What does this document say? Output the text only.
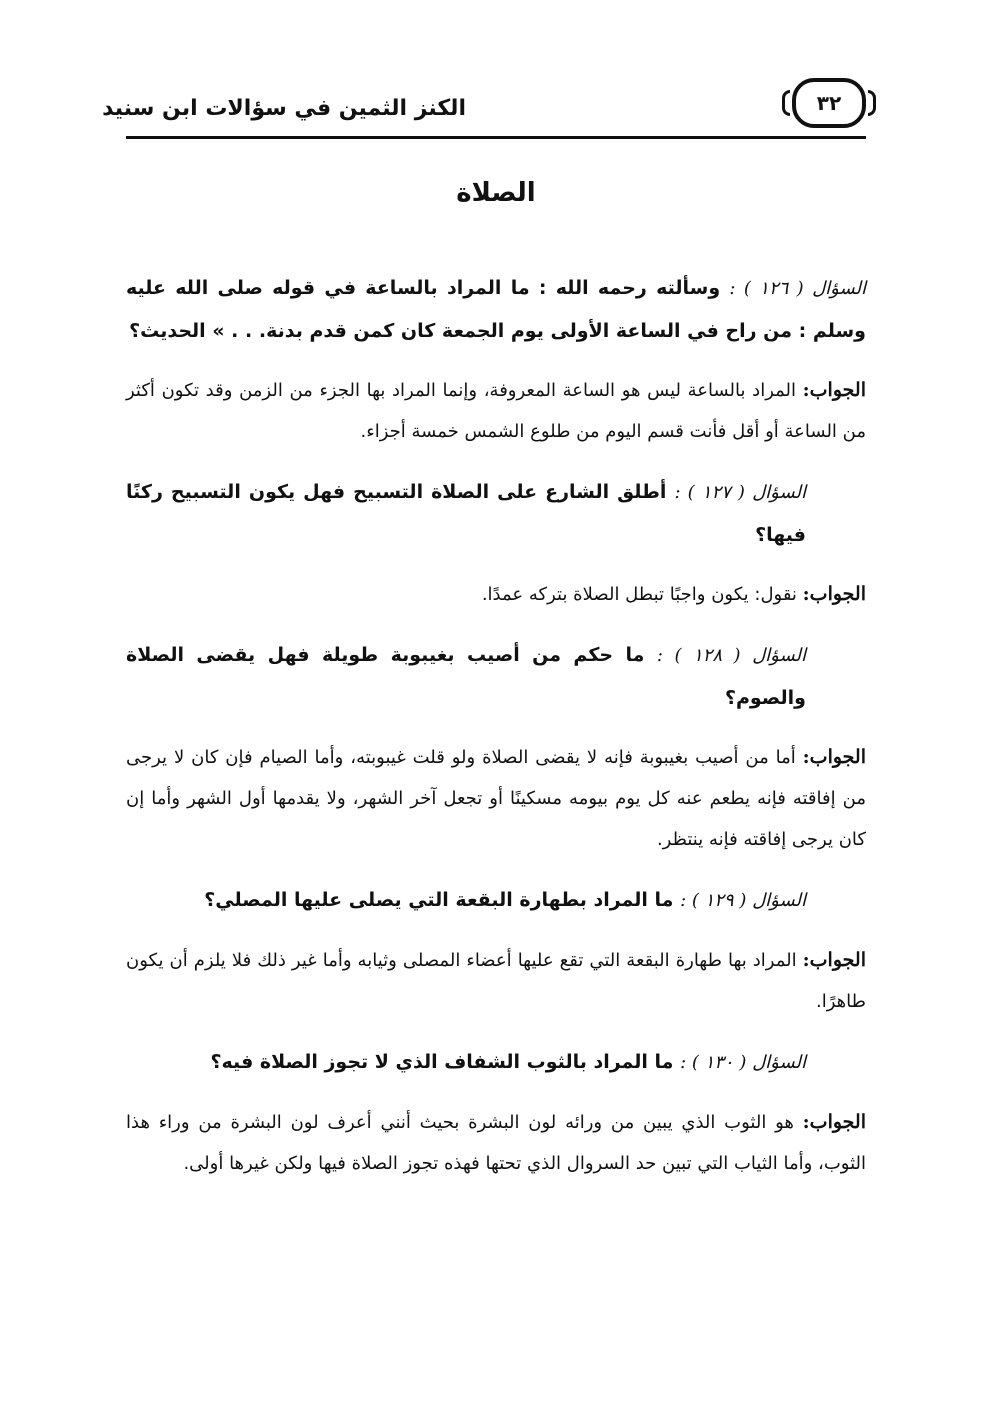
٣٢
الكنز الثمين في سؤالات ابن سنيد
الصلاة

السؤال ( ١٢٦ ) : وسألته رحمه الله : ما المراد بالساعة في قوله صلى الله عليه وسلم : من راح في الساعة الأولى يوم الجمعة كان كمن قدم بدنة. . . » الحديث؟

الجواب: المراد بالساعة ليس هو الساعة المعروفة، وإنما المراد بها الجزء من الزمن وقد تكون أكثر من الساعة أو أقل فأنت قسم اليوم من طلوع الشمس خمسة أجزاء.

السؤال ( ١٢٧ ) : أطلق الشارع على الصلاة التسبيح فهل يكون التسبيح ركنًا فيها؟

الجواب: نقول: يكون واجبًا تبطل الصلاة بتركه عمدًا.

السؤال ( ١٢٨ ) : ما حكم من أصيب بغيبوبة طويلة فهل يقضى الصلاة والصوم؟

الجواب: أما من أصيب بغيبوبة فإنه لا يقضى الصلاة ولو قلت غيبوبته، وأما الصيام فإن كان لا يرجى من إفاقته فإنه يطعم عنه كل يوم بيومه مسكينًا أو تجعل آخر الشهر، ولا يقدمها أول الشهر وأما إن كان يرجى إفاقته فإنه ينتظر.

السؤال ( ١٢٩ ) : ما المراد بطهارة البقعة التي يصلى عليها المصلي؟

الجواب: المراد بها طهارة البقعة التي تقع عليها أعضاء المصلى وثيابه وأما غير ذلك فلا يلزم أن يكون طاهرًا.

السؤال ( ١٣٠ ) : ما المراد بالثوب الشفاف الذي لا تجوز الصلاة فيه؟

الجواب: هو الثوب الذي يبين من ورائه لون البشرة بحيث أنني أعرف لون البشرة من وراء هذا الثوب، وأما الثياب التي تبين حد السروال الذي تحتها فهذه تجوز الصلاة فيها ولكن غيرها أولى.
